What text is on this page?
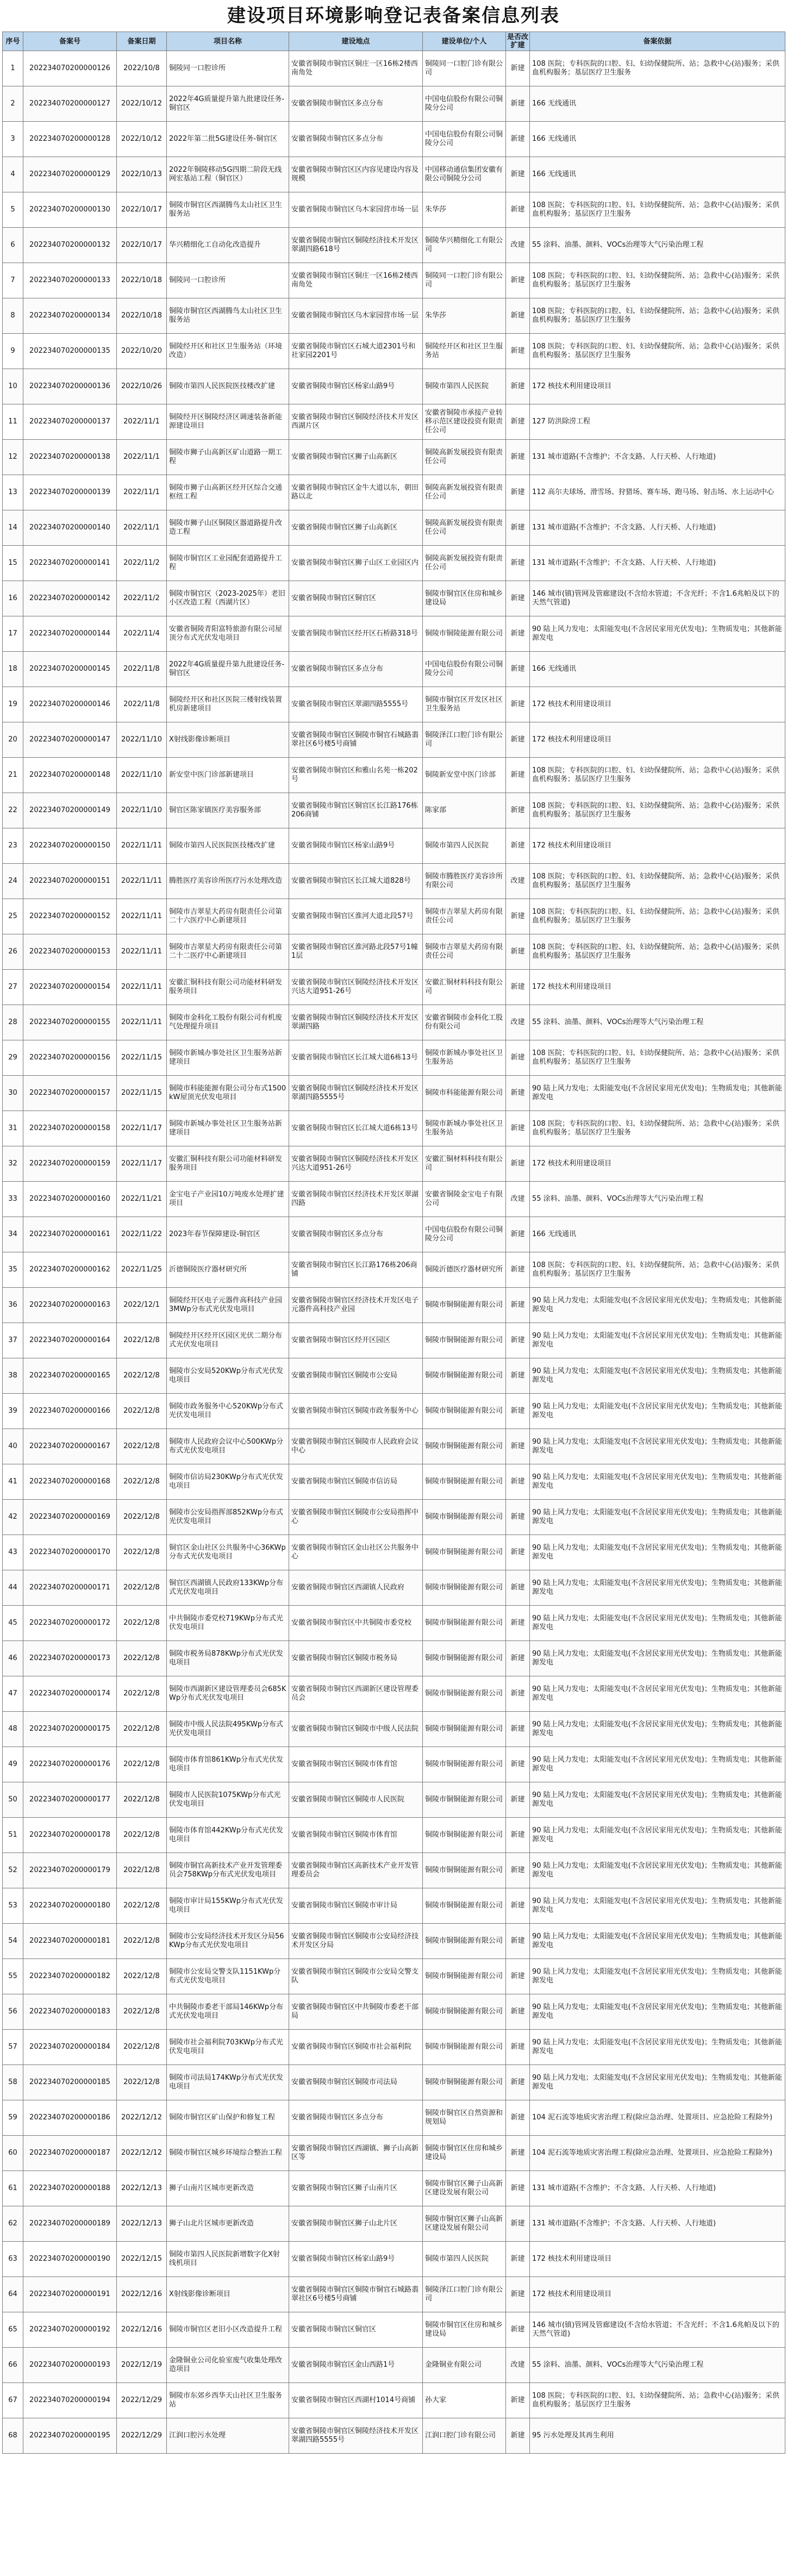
建设项目环境影响登记表备案信息列表
序号	备案号	备案日期	项目名称	建设地点	建设单位/个人	是否改扩建	备案依据
1	202234070200000126	2022/10/8	铜陵同一口腔诊所	安徽省铜陵市铜官区铜庄一区16栋2楼西南角处	铜陵同一口腔门诊有限公司	新建	108 医院；专科医院的口腔、妇、妇幼保健院所、站；急救中心(站)服务；采供血机构服务；基层医疗卫生服务
2	202234070200000127	2022/10/12	2022年4G质量提升第九批建设任务-铜官区	安徽省铜陵市铜官区多点分布	中国电信股份有限公司铜陵分公司	新建	166 无线通讯
3	202234070200000128	2022/10/12	2022年第二批5G建设任务-铜官区	安徽省铜陵市铜官区多点分布	中国电信股份有限公司铜陵分公司	新建	166 无线通讯
4	202234070200000129	2022/10/13	2022年铜陵移动5G四期二阶段无线网宏基站工程（铜官区）	安徽省铜陵市铜官区区内容见建设内容及规模	中国移动通信集团安徽有限公司铜陵分公司	新建	166 无线通讯
5	202234070200000130	2022/10/17	铜陵市铜官区西湖腾鸟太山社区卫生服务站	安徽省铜陵市铜官区乌木家园营市场一层	朱华莎	新建	108 医院；专科医院的口腔、妇、妇幼保健院所、站；急救中心(站)服务；采供血机构服务；基层医疗卫生服务
6	202234070200000132	2022/10/17	华兴精细化工自动化改造提升	安徽省铜陵市铜官区铜陵经济技术开发区翠湖四路618号	铜陵华兴精细化工有限公司	改建	55 涂料、油墨、颜料、VOCs治理等大气污染治理工程
7	202234070200000133	2022/10/18	铜陵同一口腔诊所	安徽省铜陵市铜官区铜庄一区16栋2楼西南角处	铜陵同一口腔门诊有限公司	新建	108 医院；专科医院的口腔、妇、妇幼保健院所、站；急救中心(站)服务；采供血机构服务；基层医疗卫生服务
8	202234070200000134	2022/10/18	铜陵市铜官区西湖腾鸟太山社区卫生服务站	安徽省铜陵市铜官区乌木家园营市场一层	朱华莎	新建	108 医院；专科医院的口腔、妇、妇幼保健院所、站；急救中心(站)服务；采供血机构服务；基层医疗卫生服务
9	202234070200000135	2022/10/20	铜陵经开区和社区卫生服务站（环境改造）	安徽省铜陵市铜官区石城大道2301号和社家园2201号	铜陵经开区和社区卫生服务站	新建	108 医院；专科医院的口腔、妇、妇幼保健院所、站；急救中心(站)服务；采供血机构服务；基层医疗卫生服务
10	202234070200000136	2022/10/26	铜陵市第四人民医院医技楼改扩建	安徽省铜陵市铜官区杨家山路9号	铜陵市第四人民医院	新建	172 核技术利用建设项目
11	202234070200000137	2022/11/1	铜陵经开区铜陵经济区调速装备新能源建设项目	安徽省铜陵市铜官区铜陵经济技术开发区西湖片区	安徽省铜陵市承接产业转移示范区建设投资有限责任公司	新建	127 防洪除涝工程
12	202234070200000138	2022/11/1	铜陵市狮子山高新区矿山道路一期工程	安徽省铜陵市铜官区狮子山高新区	铜陵高新发展投资有限责任公司	新建	131 城市道路(不含维护；不含支路、人行天桥、人行地道)
13	202234070200000139	2022/11/1	铜陵市狮子山高新区经开区综合交通枢纽工程	安徽省铜陵市铜官区金牛大道以东，朝田路以北	铜陵高新发展投资有限责任公司	新建	112 高尔夫球场、滑雪场、狩猎场、赛车场、跑马场、射击场、水上运动中心
14	202234070200000140	2022/11/1	铜陵市狮子山区铜陵区器道路提升改造工程	安徽省铜陵市铜官区狮子山高新区	铜陵高新发展投资有限责任公司	新建	131 城市道路(不含维护；不含支路、人行天桥、人行地道)
15	202234070200000141	2022/11/2	铜陵市铜官区工业园配套道路提升工程	安徽省铜陵市铜官区狮子山区工业园区内	铜陵高新发展投资有限责任公司	新建	131 城市道路(不含维护；不含支路、人行天桥、人行地道)
16	202234070200000142	2022/11/2	铜陵市铜官区（2023-2025年）老旧小区改造工程（西湖片区）	安徽省铜陵市铜官区铜官区	铜陵市铜官区住房和城乡建设局	新建	146 城市(镇)管网及管廊建设(不含给水管道；不含光纤；不含1.6兆帕及以下的天然气管道)
17	202234070200000144	2022/11/4	安徽省铜陵青阳富特旅游有限公司屋顶分布式光伏发电项目	安徽省铜陵市铜官区经开区石桥路318号	铜陵市铜陵能源有限公司	新建	90 陆上风力发电；太阳能发电(不含居民家用光伏发电)；生物质发电；其他新能源发电
18	202234070200000145	2022/11/8	2022年4G质量提升第九批建设任务-铜官区	安徽省铜陵市铜官区多点分布	中国电信股份有限公司铜陵分公司	新建	166 无线通讯
19	202234070200000146	2022/11/8	铜陵经开区和社区医院三楼射线装置机房新建项目	安徽省铜陵市铜官区翠湖四路5555号	铜陵市铜官区开发区社区卫生服务站	新建	172 核技术利用建设项目
20	202234070200000147	2022/11/10	X射线影像诊断项目	安徽省铜陵市铜官区铜陵市铜官石城路翡翠社区6号楼5号商铺	铜陵泽江口腔门诊有限公司	新建	172 核技术利用建设项目
21	202234070200000148	2022/11/10	新安堂中医门诊部新建项目	安徽省铜陵市铜官区和雅山名苑一栋202号	铜陵新安堂中医门诊部	新建	108 医院；专科医院的口腔、妇、妇幼保健院所、站；急救中心(站)服务；采供血机构服务；基层医疗卫生服务
22	202234070200000149	2022/11/10	铜官区陈家镇医疗美容服务部	安徽省铜陵市铜官区铜官区长江路176栋206商铺	陈家部	新建	108 医院；专科医院的口腔、妇、妇幼保健院所、站；急救中心(站)服务；采供血机构服务；基层医疗卫生服务
23	202234070200000150	2022/11/11	铜陵市第四人民医院医技楼改扩建	安徽省铜陵市铜官区杨家山路9号	铜陵市第四人民医院	新建	172 核技术利用建设项目
24	202234070200000151	2022/11/11	腾胜医疗美容诊所医疗污水处理改造	安徽省铜陵市铜官区长江城大道828号	铜陵市腾胜医疗美容诊所有限公司	改建	108 医院；专科医院的口腔、妇、妇幼保健院所、站；急救中心(站)服务；采供血机构服务；基层医疗卫生服务
25	202234070200000152	2022/11/11	铜陵市吉翠星大药房有限责任公司第二十六医疗中心新建项目	安徽省铜陵市铜官区淮河大道北段57号	铜陵市吉翠星大药房有限责任公司	新建	108 医院；专科医院的口腔、妇、妇幼保健院所、站；急救中心(站)服务；采供血机构服务；基层医疗卫生服务
26	202234070200000153	2022/11/11	铜陵市吉翠星大药房有限责任公司第二十二医疗中心新建项目	安徽省铜陵市铜官区淮河路北段57号1幢1层	铜陵市吉翠星大药房有限责任公司	新建	108 医院；专科医院的口腔、妇、妇幼保健院所、站；急救中心(站)服务；采供血机构服务；基层医疗卫生服务
27	202234070200000154	2022/11/11	安徽汇铜科技有限公司功能材料研发服务项目	安徽省铜陵市铜官区铜陵经济技术开发区兴达大道951-26号	安徽汇铜材料科技有限公司	新建	172 核技术利用建设项目
28	202234070200000155	2022/11/11	铜陵市金科化工股份有限公司有机废气处理提升项目	安徽省铜陵市铜官区铜陵经济技术开发区翠湖四路	安徽省铜陵市金科化工股份有限公司	改建	55 涂料、油墨、颜料、VOCs治理等大气污染治理工程
29	202234070200000156	2022/11/15	铜陵市新城办事处社区卫生服务站新建项目	安徽省铜陵市铜官区长江城大道6栋13号	铜陵市新城办事处社区卫生服务站	新建	108 医院；专科医院的口腔、妇、妇幼保健院所、站；急救中心(站)服务；采供血机构服务；基层医疗卫生服务
30	202234070200000157	2022/11/15	铜陵市科能能源有限公司分布式1500kW屋顶光伏发电项目	安徽省铜陵市铜官区铜陵经济技术开发区翠湖四路5555号	铜陵市科能能源有限公司	新建	90 陆上风力发电；太阳能发电(不含居民家用光伏发电)；生物质发电；其他新能源发电
31	202234070200000158	2022/11/17	铜陵市新城办事处社区卫生服务站新建项目	安徽省铜陵市铜官区长江城大道6栋13号	铜陵市新城办事处社区卫生服务站	新建	108 医院；专科医院的口腔、妇、妇幼保健院所、站；急救中心(站)服务；采供血机构服务；基层医疗卫生服务
32	202234070200000159	2022/11/17	安徽汇铜科技有限公司功能材料研发服务项目	安徽省铜陵市铜官区铜陵经济技术开发区兴达大道951-26号	安徽汇铜材料科技有限公司	新建	172 核技术利用建设项目
33	202234070200000160	2022/11/21	金宝电子产业园10万吨废水处理扩建项目	安徽省铜陵市铜官区经济技术开发区翠湖四路	安徽省铜陵金宝电子有限公司	改建	55 涂料、油墨、颜料、VOCs治理等大气污染治理工程
34	202234070200000161	2022/11/22	2023年春节保障建设-铜官区	安徽省铜陵市铜官区多点分布	中国电信股份有限公司铜陵分公司	新建	166 无线通讯
35	202234070200000162	2022/11/25	沂德铜陵医疗器材研究所	安徽省铜陵市铜官区长江路176栋206商铺	铜陵沂德医疗器材研究所	新建	108 医院；专科医院的口腔、妇、妇幼保健院所、站；急救中心(站)服务；采供血机构服务；基层医疗卫生服务
36	202234070200000163	2022/12/1	铜陵经开区电子元器件高科技产业园3MWp分布式光伏发电项目	安徽省铜陵市铜官区经济技术开发区电子元器件高科技产业园	铜陵市铜铜能源有限公司	新建	90 陆上风力发电；太阳能发电(不含居民家用光伏发电)；生物质发电；其他新能源发电
37	202234070200000164	2022/12/8	铜陵经开区经开区园区光伏二期分布式光伏发电项目	安徽省铜陵市铜官区经开区园区	铜陵市铜铜能源有限公司	新建	90 陆上风力发电；太阳能发电(不含居民家用光伏发电)；生物质发电；其他新能源发电
38	202234070200000165	2022/12/8	铜陵市公安局520KWp分布式光伏发电项目	安徽省铜陵市铜官区铜陵市公安局	铜陵市铜铜能源有限公司	新建	90 陆上风力发电；太阳能发电(不含居民家用光伏发电)；生物质发电；其他新能源发电
39	202234070200000166	2022/12/8	铜陵市政务服务中心520KWp分布式光伏发电项目	安徽省铜陵市铜官区铜陵市政务服务中心	铜陵市铜铜能源有限公司	新建	90 陆上风力发电；太阳能发电(不含居民家用光伏发电)；生物质发电；其他新能源发电
40	202234070200000167	2022/12/8	铜陵市人民政府会议中心500KWp分布式光伏发电项目	安徽省铜陵市铜官区铜陵市人民政府会议中心	铜陵市铜铜能源有限公司	新建	90 陆上风力发电；太阳能发电(不含居民家用光伏发电)；生物质发电；其他新能源发电
41	202234070200000168	2022/12/8	铜陵市信访局230KWp分布式光伏发电项目	安徽省铜陵市铜官区铜陵市信访局	铜陵市铜铜能源有限公司	新建	90 陆上风力发电；太阳能发电(不含居民家用光伏发电)；生物质发电；其他新能源发电
42	202234070200000169	2022/12/8	铜陵市公安局指挥部852KWp分布式光伏发电项目	安徽省铜陵市铜官区铜陵市公安局指挥中心	铜陵市铜铜能源有限公司	新建	90 陆上风力发电；太阳能发电(不含居民家用光伏发电)；生物质发电；其他新能源发电
43	202234070200000170	2022/12/8	铜官区金山社区公共服务中心36KWp分布式光伏发电项目	安徽省铜陵市铜官区金山社区公共服务中心	铜陵市铜铜能源有限公司	新建	90 陆上风力发电；太阳能发电(不含居民家用光伏发电)；生物质发电；其他新能源发电
44	202234070200000171	2022/12/8	铜官区西湖镇人民政府133KWp分布式光伏发电项目	安徽省铜陵市铜官区西湖镇人民政府	铜陵市铜铜能源有限公司	新建	90 陆上风力发电；太阳能发电(不含居民家用光伏发电)；生物质发电；其他新能源发电
45	202234070200000172	2022/12/8	中共铜陵市委党校719KWp分布式光伏发电项目	安徽省铜陵市铜官区中共铜陵市委党校	铜陵市铜铜能源有限公司	新建	90 陆上风力发电；太阳能发电(不含居民家用光伏发电)；生物质发电；其他新能源发电
46	202234070200000173	2022/12/8	铜陵市税务局878KWp分布式光伏发电项目	安徽省铜陵市铜官区铜陵市税务局	铜陵市铜铜能源有限公司	新建	90 陆上风力发电；太阳能发电(不含居民家用光伏发电)；生物质发电；其他新能源发电
47	202234070200000174	2022/12/8	铜陵市西湖新区建设管理委员会685KWp分布式光伏发电项目	安徽省铜陵市铜官区西湖新区建设管理委员会	铜陵市铜铜能源有限公司	新建	90 陆上风力发电；太阳能发电(不含居民家用光伏发电)；生物质发电；其他新能源发电
48	202234070200000175	2022/12/8	铜陵市中级人民法院495KWp分布式光伏发电项目	安徽省铜陵市铜官区铜陵市中级人民法院	铜陵市铜铜能源有限公司	新建	90 陆上风力发电；太阳能发电(不含居民家用光伏发电)；生物质发电；其他新能源发电
49	202234070200000176	2022/12/8	铜陵市体育馆861KWp分布式光伏发电项目	安徽省铜陵市铜官区铜陵市体育馆	铜陵市铜铜能源有限公司	新建	90 陆上风力发电；太阳能发电(不含居民家用光伏发电)；生物质发电；其他新能源发电
50	202234070200000177	2022/12/8	铜陵市人民医院1075KWp分布式光伏发电项目	安徽省铜陵市铜官区铜陵市人民医院	铜陵市铜铜能源有限公司	新建	90 陆上风力发电；太阳能发电(不含居民家用光伏发电)；生物质发电；其他新能源发电
51	202234070200000178	2022/12/8	铜陵市体育馆442KWp分布式光伏发电项目	安徽省铜陵市铜官区铜陵市体育馆	铜陵市铜铜能源有限公司	新建	90 陆上风力发电；太阳能发电(不含居民家用光伏发电)；生物质发电；其他新能源发电
52	202234070200000179	2022/12/8	铜陵市铜官高新技术产业开发管理委员会758KWp分布式光伏发电项目	安徽省铜陵市铜官区高新技术产业开发管理委员会	铜陵市铜铜能源有限公司	新建	90 陆上风力发电；太阳能发电(不含居民家用光伏发电)；生物质发电；其他新能源发电
53	202234070200000180	2022/12/8	铜陵市审计局155KWp分布式光伏发电项目	安徽省铜陵市铜官区铜陵市审计局	铜陵市铜铜能源有限公司	新建	90 陆上风力发电；太阳能发电(不含居民家用光伏发电)；生物质发电；其他新能源发电
54	202234070200000181	2022/12/8	铜陵市公安局经济技术开发区分局56KWp分布式光伏发电项目	安徽省铜陵市铜官区铜陵市公安局经济技术开发区分局	铜陵市铜铜能源有限公司	新建	90 陆上风力发电；太阳能发电(不含居民家用光伏发电)；生物质发电；其他新能源发电
55	202234070200000182	2022/12/8	铜陵市公安局交警支队1151KWp分布式光伏发电项目	安徽省铜陵市铜官区铜陵市公安局交警支队	铜陵市铜铜能源有限公司	新建	90 陆上风力发电；太阳能发电(不含居民家用光伏发电)；生物质发电；其他新能源发电
56	202234070200000183	2022/12/8	中共铜陵市委老干部局146KWp分布式光伏发电项目	安徽省铜陵市铜官区中共铜陵市委老干部局	铜陵市铜铜能源有限公司	新建	90 陆上风力发电；太阳能发电(不含居民家用光伏发电)；生物质发电；其他新能源发电
57	202234070200000184	2022/12/8	铜陵市社会福利院703KWp分布式光伏发电项目	安徽省铜陵市铜官区铜陵市社会福利院	铜陵市铜铜能源有限公司	新建	90 陆上风力发电；太阳能发电(不含居民家用光伏发电)；生物质发电；其他新能源发电
58	202234070200000185	2022/12/8	铜陵市司法局174KWp分布式光伏发电项目	安徽省铜陵市铜官区铜陵市司法局	铜陵市铜铜能源有限公司	新建	90 陆上风力发电；太阳能发电(不含居民家用光伏发电)；生物质发电；其他新能源发电
59	202234070200000186	2022/12/12	铜陵市铜官区矿山保护和修复工程	安徽省铜陵市铜官区多点分布	铜陵市铜官区自然资源和规划局	新建	104 泥石流等地质灾害治理工程(除应急治理、处置项目、应急抢险工程除外)
60	202234070200000187	2022/12/12	铜陵市铜官区城乡环境综合整治工程	安徽省铜陵市铜官区西湖镇、狮子山高新区等	铜陵市铜官区住房和城乡建设局	新建	104 泥石流等地质灾害治理工程(除应急治理、处置项目、应急抢险工程除外)
61	202234070200000188	2022/12/13	狮子山南片区城市更新改造	安徽省铜陵市铜官区狮子山南片区	铜陵市铜官区狮子山高新区建设发展有限公司	新建	131 城市道路(不含维护；不含支路、人行天桥、人行地道)
62	202234070200000189	2022/12/13	狮子山北片区城市更新改造	安徽省铜陵市铜官区狮子山北片区	铜陵市铜官区狮子山高新区建设发展有限公司	新建	131 城市道路(不含维护；不含支路、人行天桥、人行地道)
63	202234070200000190	2022/12/15	铜陵市第四人民医院新增数字化X射线机项目	安徽省铜陵市铜官区杨家山路9号	铜陵市第四人民医院	新建	172 核技术利用建设项目
64	202234070200000191	2022/12/16	X射线影像诊断项目	安徽省铜陵市铜官区铜陵市铜官石城路翡翠社区6号楼5号商铺	铜陵泽江口腔门诊有限公司	新建	172 核技术利用建设项目
65	202234070200000192	2022/12/16	铜陵市铜官区老旧小区改造提升工程	安徽省铜陵市铜官区铜官区	铜陵市铜官区住房和城乡建设局	新建	146 城市(镇)管网及管廊建设(不含给水管道；不含光纤；不含1.6兆帕及以下的天然气管道)
66	202234070200000193	2022/12/19	金隆铜业公司化验室废气收集处理改造项目	安徽省铜陵市铜官区金山西路1号	金隆铜业有限公司	改建	55 涂料、油墨、颜料、VOCs治理等大气污染治理工程
67	202234070200000194	2022/12/29	铜陵市东郊乡西华天山社区卫生服务站	安徽省铜陵市铜官区西湖村1014号商铺	孙大家	新建	108 医院；专科医院的口腔、妇、妇幼保健院所、站；急救中心(站)服务；采供血机构服务；基层医疗卫生服务
68	202234070200000195	2022/12/29	江润口腔污水处理	安徽省铜陵市铜官区铜陵经济技术开发区翠湖四路5555号	江润口腔门诊有限公司	新建	95 污水处理及其再生利用
